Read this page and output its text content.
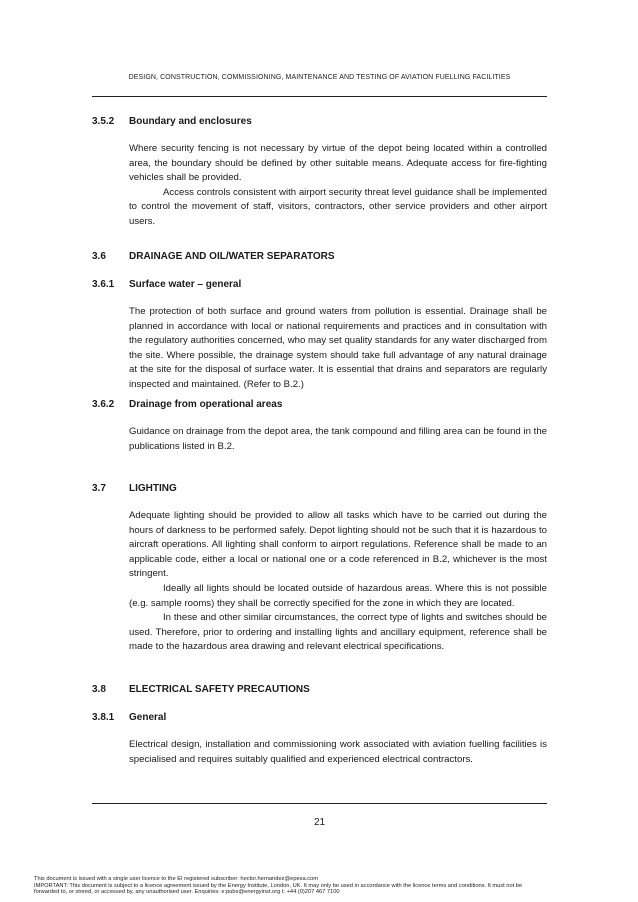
DESIGN, CONSTRUCTION, COMMISSIONING, MAINTENANCE AND TESTING OF AVIATION FUELLING FACILITIES
3.5.2 Boundary and enclosures

Where security fencing is not necessary by virtue of the depot being located within a controlled area, the boundary should be defined by other suitable means. Adequate access for fire-fighting vehicles shall be provided.

Access controls consistent with airport security threat level guidance shall be implemented to control the movement of staff, visitors, contractors, other service providers and other airport users.

3.6 DRAINAGE AND OIL/WATER SEPARATORS
3.6.1 Surface water – general

The protection of both surface and ground waters from pollution is essential. Drainage shall be planned in accordance with local or national requirements and practices and in consultation with the regulatory authorities concerned, who may set quality standards for any water discharged from the site. Where possible, the drainage system should take full advantage of any natural drainage at the site for the disposal of surface water. It is essential that drains and separators are regularly inspected and maintained. (Refer to B.2.)

3.6.2 Drainage from operational areas

Guidance on drainage from the depot area, the tank compound and filling area can be found in the publications listed in B.2.

3.7 LIGHTING

Adequate lighting should be provided to allow all tasks which have to be carried out during the hours of darkness to be performed safely. Depot lighting should not be such that it is hazardous to aircraft operations. All lighting shall conform to airport regulations. Reference shall be made to an applicable code, either a local or national one or a code referenced in B.2, whichever is the most stringent.

Ideally all lights should be located outside of hazardous areas. Where this is not possible (e.g. sample rooms) they shall be correctly specified for the zone in which they are located.

In these and other similar circumstances, the correct type of lights and switches should be used. Therefore, prior to ordering and installing lights and ancillary equipment, reference shall be made to the hazardous area drawing and relevant electrical specifications.

3.8 ELECTRICAL SAFETY PRECAUTIONS
3.8.1 General

Electrical design, installation and commissioning work associated with aviation fuelling facilities is specialised and requires suitably qualified and experienced electrical contractors.

21
This document is issued with a single user licence to the EI registered subscriber: hector.hernandez@epesa.com
IMPORTANT: This document is subject to a licence agreement issued by the Energy Institute, London, UK. It may only be used in accordance with the licence terms and conditions. It must not be
forwarded to, or stored, or accessed by, any unauthorised user. Enquiries: e:pubs@energyinst.org t: +44 (0)207 467 7100
